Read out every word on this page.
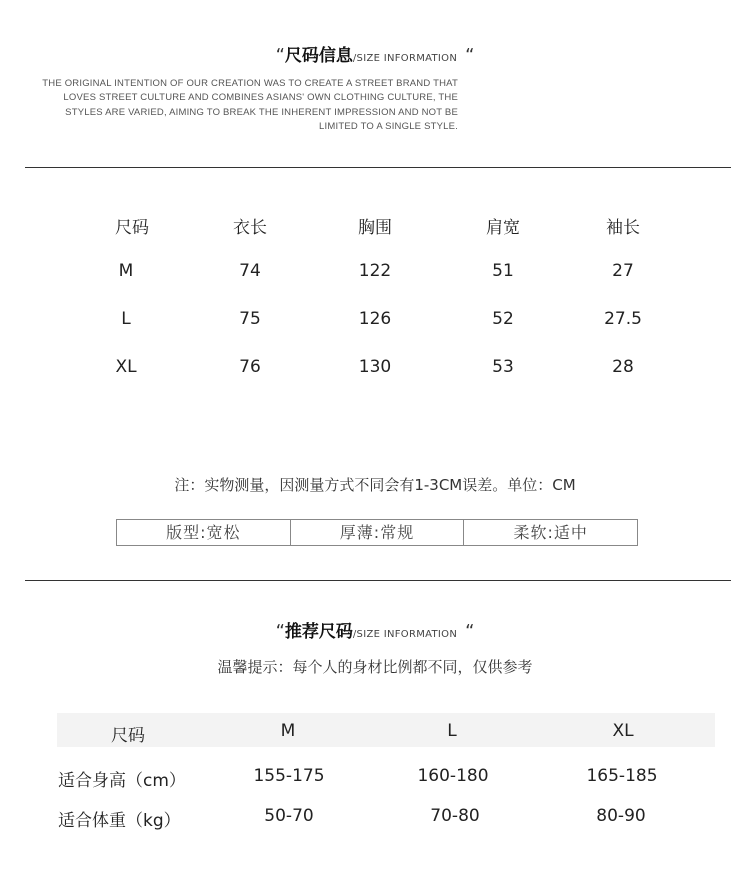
“尺码信息/SIZE INFORMATION “
THE ORIGINAL INTENTION OF OUR CREATION WAS TO CREATE A STREET BRAND THAT
LOVES STREET CULTURE AND COMBINES ASIANS' OWN CLOTHING CULTURE, THE
STYLES ARE VARIED, AIMING TO BREAK THE INHERENT IMPRESSION AND NOT BE
LIMITED TO A SINGLE STYLE.
尺码	衣长	胸围	肩宽	袖长
M	74	122	51	27
L	75	126	52	27.5
XL	76	130	53	28
注：实物测量，因测量方式不同会有1-3CM误差。单位：CM
版型:宽松	厚薄:常规	柔软:适中
“推荐尺码/SIZE INFORMATION “
温馨提示：每个人的身材比例都不同，仅供参考
尺码	M	L	XL
适合身高（cm）	155-175	160-180	165-185
适合体重（kg）	50-70	70-80	80-90
